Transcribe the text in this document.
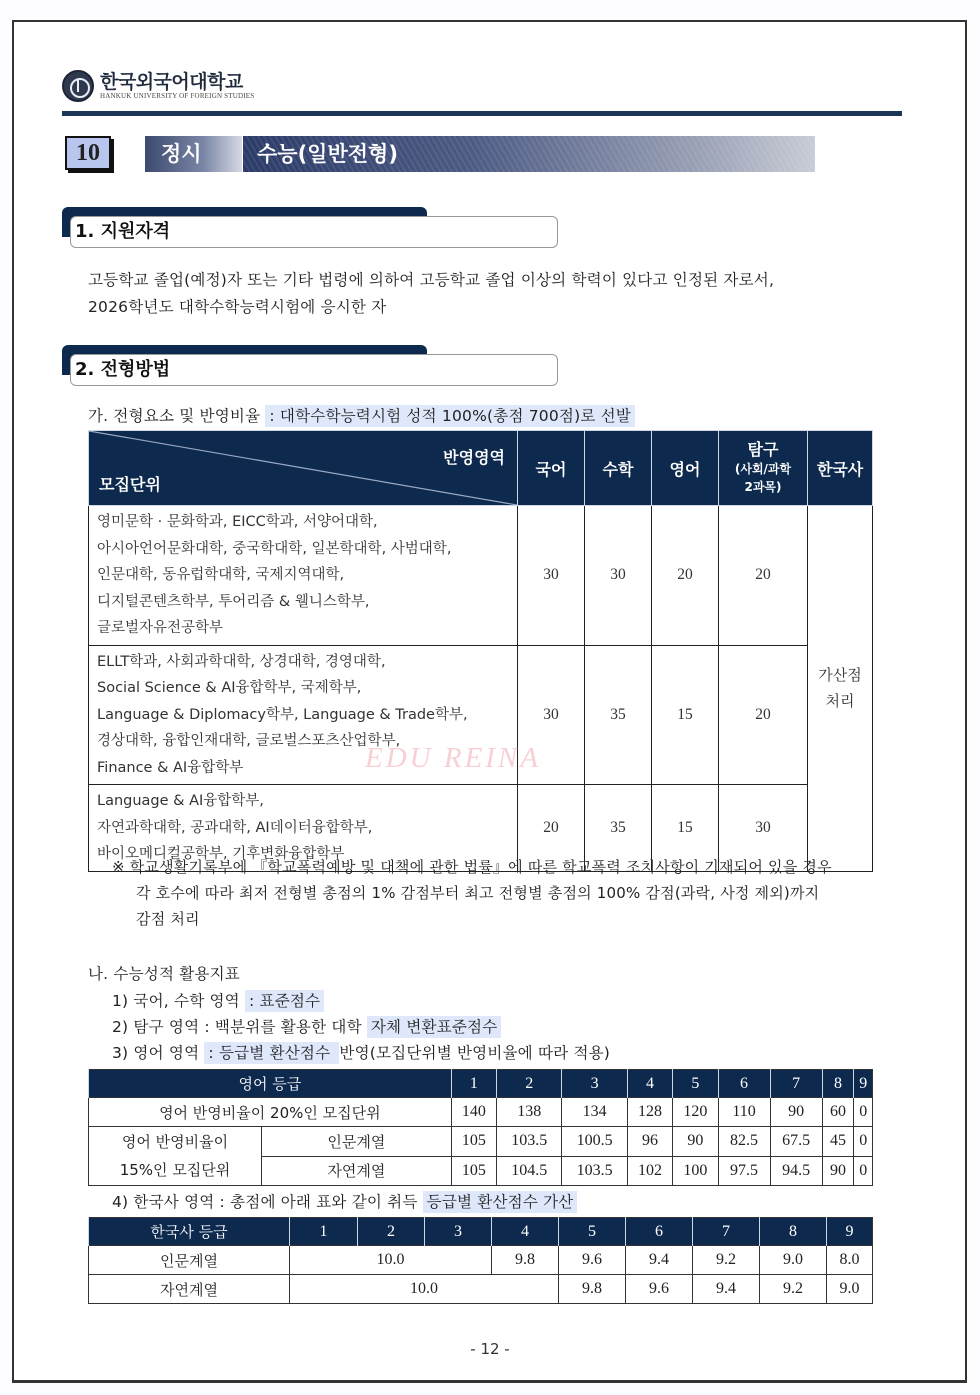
한국외국어대학교
HANKUK UNIVERSITY OF FOREIGN STUDIES
10	정시	수능(일반전형)
1. 지원자격
고등학교 졸업(예정)자 또는 기타 법령에 의하여 고등학교 졸업 이상의 학력이 있다고 인정된 자로서,
2026학년도 대학수학능력시험에 응시한 자
2. 전형방법
가. 전형요소 및 반영비율 : 대학수학능력시험 성적 100%(총점 700점)로 선발
반영영역
모집단위
	국어	수학	영어	
탐구
(사회/과학
2과목)
	한국사

영미문학 · 문화학과, EICC학과, 서양어대학,
아시아언어문화대학, 중국학대학, 일본학대학, 사범대학,
인문대학, 동유럽학대학, 국제지역대학,
디지털콘텐츠학부, 투어리즘 & 웰니스학부,
글로벌자유전공학부
	30	30	20	20	
가산점
처리

ELLT학과, 사회과학대학, 상경대학, 경영대학,
Social Science & AI융합학부, 국제학부,
Language & Diplomacy학부, Language & Trade학부,
경상대학, 융합인재대학, 글로벌스포츠산업학부,
Finance & AI융합학부	30	35	15	20	

Language & AI융합학부,
자연과학대학, 공과대학, AI데이터융합학부,
바이오메디컬공학부, 기후변화융합학부	20	35	15	30	
EDU REINA
※ 학교생활기록부에 『학교폭력예방 및 대책에 관한 법률』에 따른 학교폭력 조치사항이 기재되어 있을 경우
각 호수에 따라 최저 전형별 총점의 1% 감점부터 최고 전형별 총점의 100% 감점(과락, 사정 제외)까지
감점 처리
나. 수능성적 활용지표
1) 국어, 수학 영역 : 표준점수
2) 탐구 영역 : 백분위를 활용한 대학 자체 변환표준점수
3) 영어 영역 : 등급별 환산점수 반영(모집단위별 반영비율에 따라 적용)
영어 등급		1	2	3	4	5	6	7	8	9
영어 반영비율이 20%인 모집단위		140	138	134	128	120	110	90	60	0

영어 반영비율이
15%인 모집단위	인문계열	105	103.5	100.5	96	90	82.5	67.5	45	0
	자연계열	105	104.5	103.5	102	100	97.5	94.5	90	0
4) 한국사 영역 : 총점에 아래 표와 같이 취득 등급별 환산점수 가산
한국사 등급	1	2	3	4	5	6	7	8	9
인문계열	10.0			9.8	9.6	9.4	9.2	9.0	8.0
자연계열	10.0				9.8	9.6	9.4	9.2	9.0
- 12 -
